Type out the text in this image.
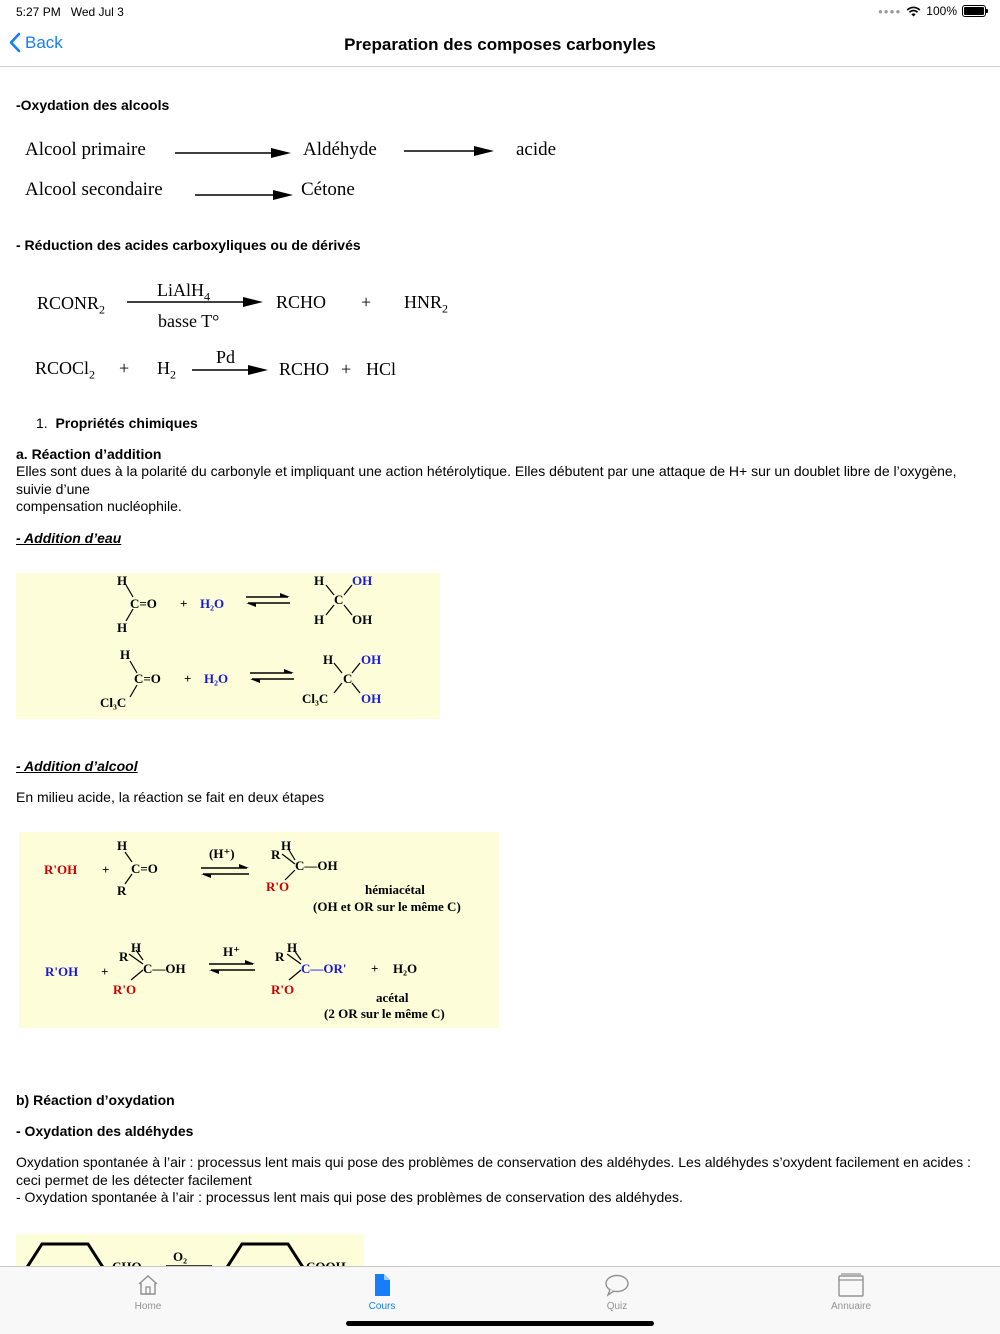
5:27 PM Wed Jul 3	●●●● 100%
Back	Preparation des composes carbonyles
-Oxydation des alcools
Alcool primaire	Aldéhyde	acide
Alcool secondaire	Cétone
- Réduction des acides carboxyliques ou de dérivés
$RCONR_2$
LiAlH$_4$
basse T°
RCHO + $HNR_2$
RCOCl$_2$ + $H_2$
Pd
RCHO + HCl
1. Propriétés chimiques
a. Réaction d’addition
Elles sont dues à la polarité du carbonyle et impliquant une action hétérolytique. Elles débutent par une attaque de H+ sur un doublet libre de l’oxygène,
suivie d’une
compensation nucléophile.
- Addition d’eau
H
C=O + H₂O
H
H OH
C
H OH
H
C=O + H₂O
Cl₃C
H OH
C
Cl₃C	OH
- Addition d’alcool
En milieu acide, la réaction se fait en deux étapes
R'OH +
H
C=O
R
(H⁺)
H
R
C—OH
R'O	hémiacétal
(OH et OR sur le même C)
R'OH +
H
R
C—OH
R'O
H⁺	H
R
C—OR' + H₂O
R'O
acétal
(2 OR sur le même C)
b) Réaction d’oxydation
- Oxydation des aldéhydes
Oxydation spontanée à l’air : processus lent mais qui pose des problèmes de conservation des aldéhydes. Les aldéhydes s’oxydent facilement en acides :
ceci permet de les détecter facilement
- Oxydation spontanée à l’air : processus lent mais qui pose des problèmes de conservation des aldéhydes.
O₂
Home	Cours	Quiz	Annuaire
